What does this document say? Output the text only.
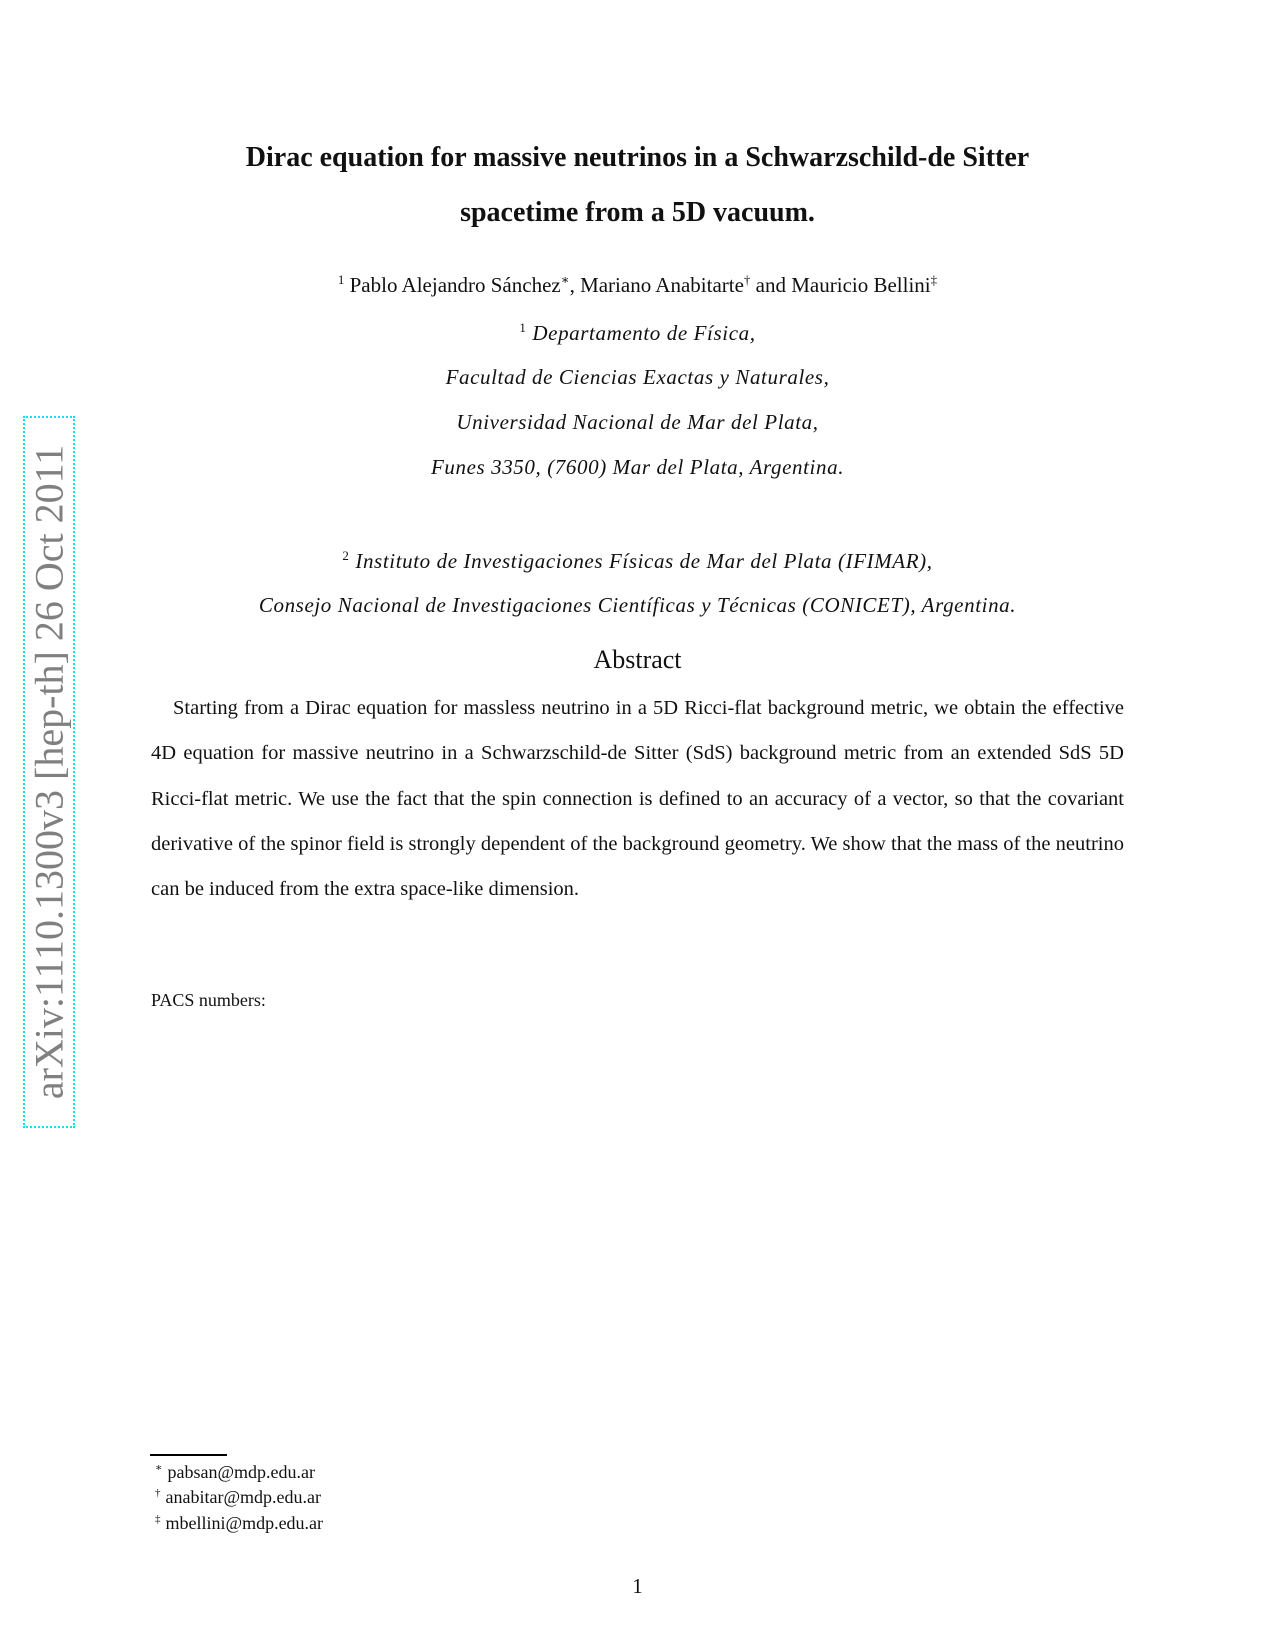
arXiv:1110.1300v3 [hep-th] 26 Oct 2011
Dirac equation for massive neutrinos in a Schwarzschild-de Sitter
spacetime from a 5D vacuum.
$^1$ Pablo Alejandro Sánchez∗, Mariano Anabitarte† and Mauricio Bellini‡
$^1$ Departamento de Física,
Facultad de Ciencias Exactas y Naturales,
Universidad Nacional de Mar del Plata,
Funes 3350, (7600) Mar del Plata, Argentina.
$^2$ Instituto de Investigaciones Físicas de Mar del Plata (IFIMAR),
Consejo Nacional de Investigaciones Científicas y Técnicas (CONICET), Argentina.
Abstract
Starting from a Dirac equation for massless neutrino in a 5D Ricci-flat background metric, we obtain the effective 4D equation for massive neutrino in a Schwarzschild-de Sitter (SdS) background metric from an extended SdS 5D Ricci-flat metric. We use the fact that the spin connection is defined to an accuracy of a vector, so that the covariant derivative of the spinor field is strongly dependent of the background geometry. We show that the mass of the neutrino can be induced from the extra space-like dimension.
PACS numbers:
∗ pabsan@mdp.edu.ar
† anabitar@mdp.edu.ar
‡ mbellini@mdp.edu.ar
1
